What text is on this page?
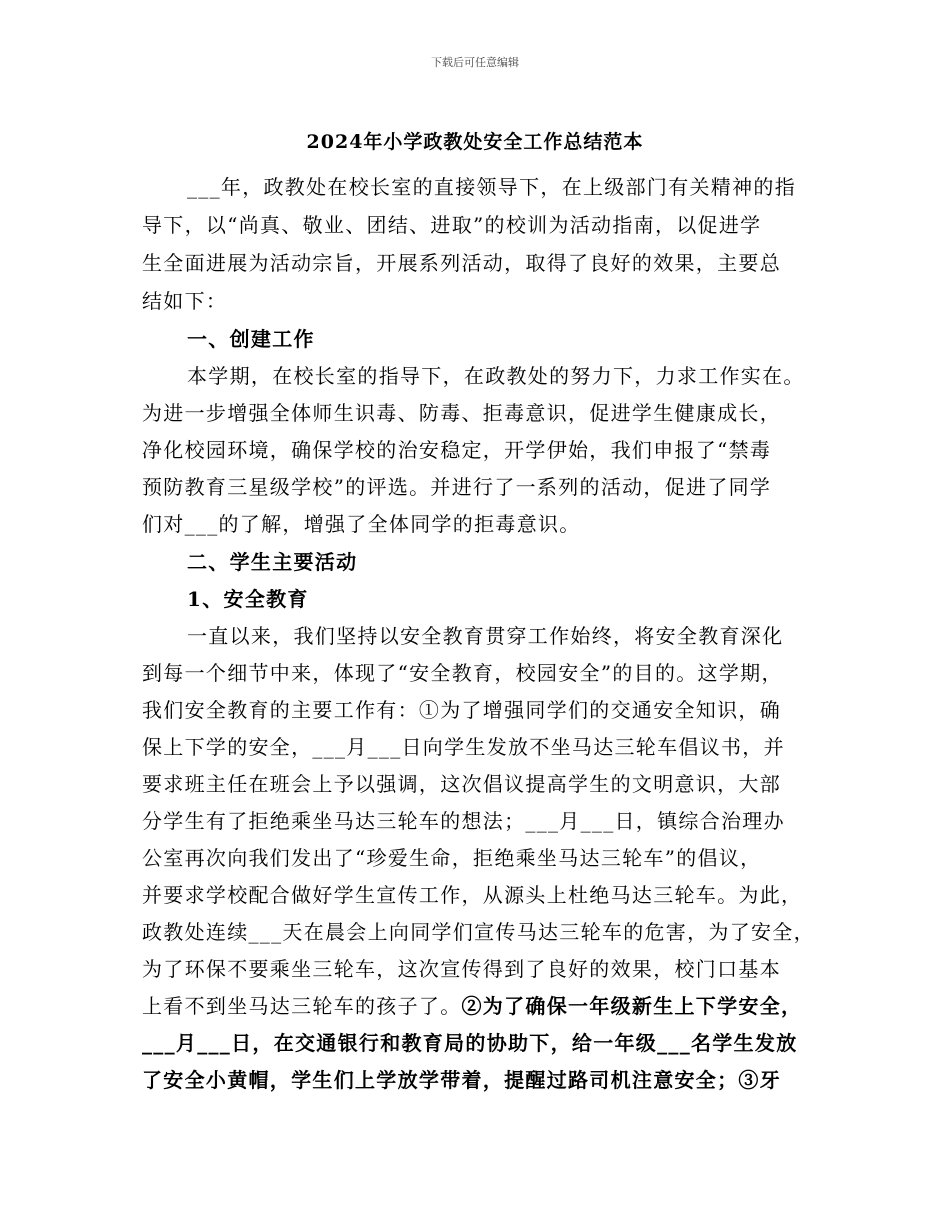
下载后可任意编辑
2024年小学政教处安全工作总结范本
___年，政教处在校长室的直接领导下，在上级部门有关精神的指
导下，以“尚真、敬业、团结、进取”的校训为活动指南，以促进学
生全面进展为活动宗旨，开展系列活动，取得了良好的效果，主要总
结如下：
一、创建工作
本学期，在校长室的指导下，在政教处的努力下，力求工作实在。
为进一步增强全体师生识毒、防毒、拒毒意识，促进学生健康成长，
净化校园环境，确保学校的治安稳定，开学伊始，我们申报了“禁毒
预防教育三星级学校”的评选。并进行了一系列的活动，促进了同学
们对___的了解，增强了全体同学的拒毒意识。
二、学生主要活动
1、安全教育
一直以来，我们坚持以安全教育贯穿工作始终，将安全教育深化
到每一个细节中来，体现了“安全教育，校园安全”的目的。这学期，
我们安全教育的主要工作有：①为了增强同学们的交通安全知识，确
保上下学的安全，___月___日向学生发放不坐马达三轮车倡议书，并
要求班主任在班会上予以强调，这次倡议提高学生的文明意识，大部
分学生有了拒绝乘坐马达三轮车的想法；___月___日，镇综合治理办
公室再次向我们发出了“珍爱生命，拒绝乘坐马达三轮车”的倡议，
并要求学校配合做好学生宣传工作，从源头上杜绝马达三轮车。为此，
政教处连续___天在晨会上向同学们宣传马达三轮车的危害，为了安全，
为了环保不要乘坐三轮车，这次宣传得到了良好的效果，校门口基本
上看不到坐马达三轮车的孩子了。②为了确保一年级新生上下学安全，
___月___日，在交通银行和教育局的协助下，给一年级___名学生发放
了安全小黄帽，学生们上学放学带着，提醒过路司机注意安全；③牙
